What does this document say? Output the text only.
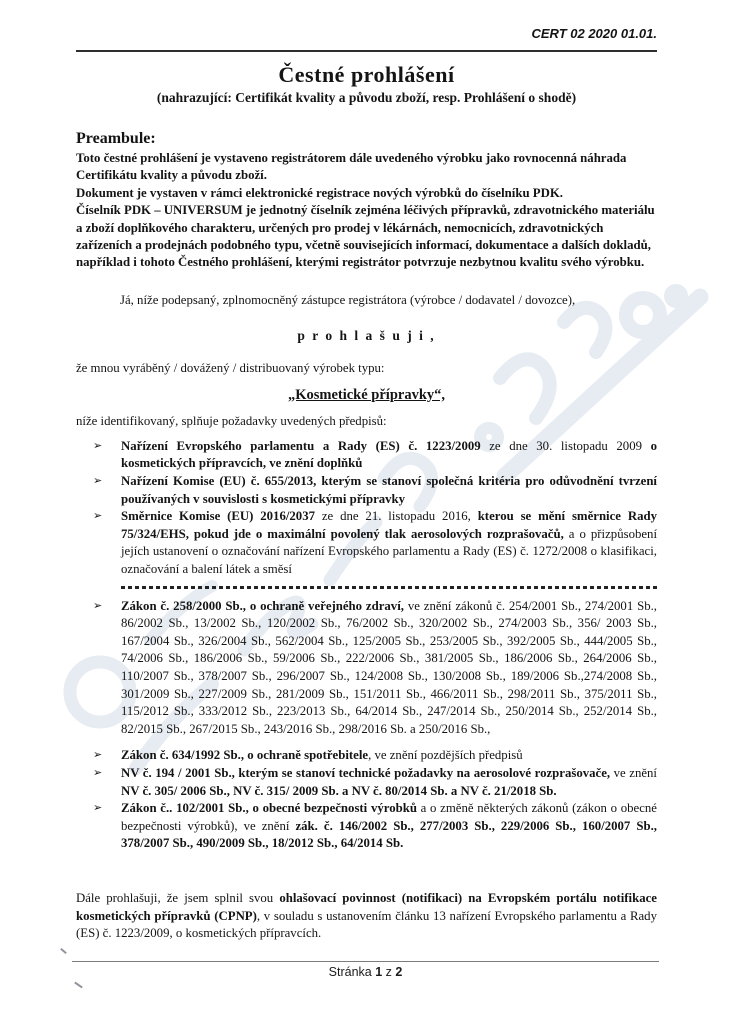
CERT 02 2020 01.01.
Čestné prohlášení
(nahrazující: Certifikát kvality a původu zboží, resp. Prohlášení o shodě)
Preambule:

Toto čestné prohlášení je vystaveno registrátorem dále uvedeného výrobku jako rovnocenná náhrada Certifikátu kvality a původu zboží.

Dokument je vystaven v rámci elektronické registrace nových výrobků do číselníku PDK.

Číselník PDK – UNIVERSUM je jednotný číselník zejména léčivých přípravků, zdravotnického materiálu a zboží doplňkového charakteru, určených pro prodej v lékárnách, nemocnicích, zdravotnických zařízeních a prodejnách podobného typu, včetně souvisejících informací, dokumentace a dalších dokladů, například i tohoto Čestného prohlášení, kterými registrátor potvrzuje nezbytnou kvalitu svého výrobku.

Já, níže podepsaný, zplnomocněný zástupce registrátora (výrobce / dodavatel / dovozce),
p r o h l a š u j i ,
že mnou vyráběný / dovážený / distribuovaný výrobek typu:
„Kosmetické přípravky“,
níže identifikovaný, splňuje požadavky uvedených předpisů:
➢ Nařízení Evropského parlamentu a Rady (ES) č. 1223/2009 ze dne 30. listopadu 2009 o kosmetických přípravcích, ve znění doplňků
➢ Nařízení Komise (EU) č. 655/2013, kterým se stanoví společná kritéria pro odůvodnění tvrzení používaných v souvislosti s kosmetickými přípravky
➢ Směrnice Komise (EU) 2016/2037 ze dne 21. listopadu 2016, kterou se mění směrnice Rady 75/324/EHS, pokud jde o maximální povolený tlak aerosolových rozprašovačů, a o přizpůsobení jejích ustanovení o označování nařízení Evropského parlamentu a Rady (ES) č. 1272/2008 o klasifikaci, označování a balení látek a směsí
➢ Zákon č. 258/2000 Sb., o ochraně veřejného zdraví, ve znění zákonů č. 254/2001 Sb., 274/2001 Sb., 86/2002 Sb., 13/2002 Sb., 120/2002 Sb., 76/2002 Sb., 320/2002 Sb., 274/2003 Sb., 356/ 2003 Sb., 167/2004 Sb., 326/2004 Sb., 562/2004 Sb., 125/2005 Sb., 253/2005 Sb., 392/2005 Sb., 444/2005 Sb., 74/2006 Sb., 186/2006 Sb., 59/2006 Sb., 222/2006 Sb., 381/2005 Sb., 186/2006 Sb., 264/2006 Sb., 110/2007 Sb., 378/2007 Sb., 296/2007 Sb., 124/2008 Sb., 130/2008 Sb., 189/2006 Sb.,274/2008 Sb., 301/2009 Sb., 227/2009 Sb., 281/2009 Sb., 151/2011 Sb., 466/2011 Sb., 298/2011 Sb., 375/2011 Sb., 115/2012 Sb., 333/2012 Sb., 223/2013 Sb., 64/2014 Sb., 247/2014 Sb., 250/2014 Sb., 252/2014 Sb., 82/2015 Sb., 267/2015 Sb., 243/2016 Sb., 298/2016 Sb. a 250/2016 Sb.,
➢ Zákon č. 634/1992 Sb., o ochraně spotřebitele, ve znění pozdějších předpisů
➢ NV č. 194 / 2001 Sb., kterým se stanoví technické požadavky na aerosolové rozprašovače, ve znění NV č. 305/ 2006 Sb., NV č. 315/ 2009 Sb. a NV č. 80/2014 Sb. a NV č. 21/2018 Sb.
➢ Zákon č.. 102/2001 Sb., o obecné bezpečnosti výrobků a o změně některých zákonů (zákon o obecné bezpečnosti výrobků), ve znění zák. č. 146/2002 Sb., 277/2003 Sb., 229/2006 Sb., 160/2007 Sb., 378/2007 Sb., 490/2009 Sb., 18/2012 Sb., 64/2014 Sb.
Dále prohlašuji, že jsem splnil svou ohlašovací povinnost (notifikaci) na Evropském portálu notifikace kosmetických přípravků (CPNP), v souladu s ustanovením článku 13 nařízení Evropského parlamentu a Rady (ES) č. 1223/2009, o kosmetických přípravcích.
Stránka 1 z 2
